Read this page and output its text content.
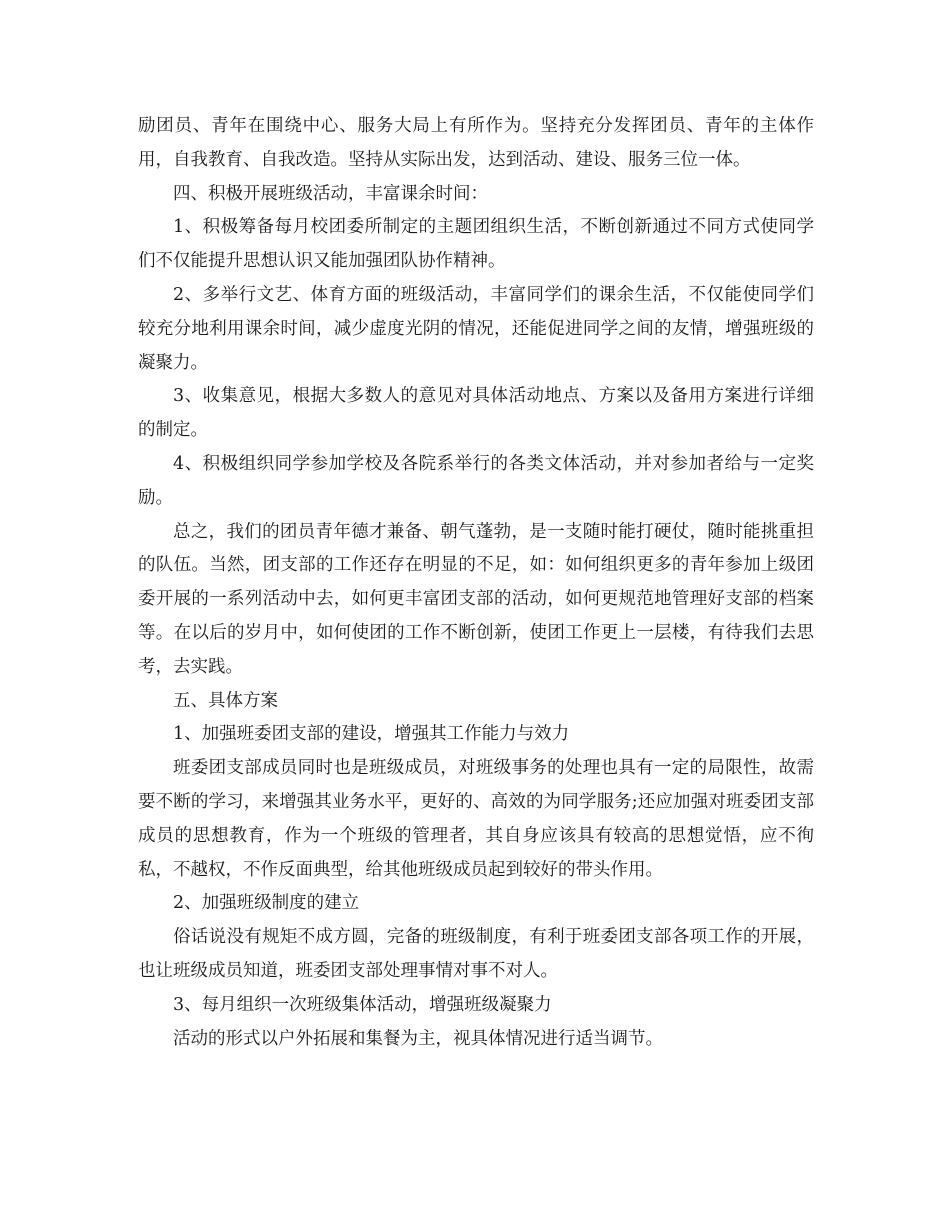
励团员、青年在围绕中心、服务大局上有所作为。坚持充分发挥团员、青年的主体作用，自我教育、自我改造。坚持从实际出发，达到活动、建设、服务三位一体。

四、积极开展班级活动，丰富课余时间：

1、积极筹备每月校团委所制定的主题团组织生活，不断创新通过不同方式使同学们不仅能提升思想认识又能加强团队协作精神。

2、多举行文艺、体育方面的班级活动，丰富同学们的课余生活，不仅能使同学们较充分地利用课余时间，减少虚度光阴的情况，还能促进同学之间的友情，增强班级的凝聚力。

3、收集意见，根据大多数人的意见对具体活动地点、方案以及备用方案进行详细的制定。

4、积极组织同学参加学校及各院系举行的各类文体活动，并对参加者给与一定奖励。

总之，我们的团员青年德才兼备、朝气蓬勃，是一支随时能打硬仗，随时能挑重担的队伍。当然，团支部的工作还存在明显的不足，如：如何组织更多的青年参加上级团委开展的一系列活动中去，如何更丰富团支部的活动，如何更规范地管理好支部的档案等。在以后的岁月中，如何使团的工作不断创新，使团工作更上一层楼，有待我们去思考，去实践。

五、具体方案

1、加强班委团支部的建设，增强其工作能力与效力

班委团支部成员同时也是班级成员，对班级事务的处理也具有一定的局限性，故需要不断的学习，来增强其业务水平，更好的、高效的为同学服务;还应加强对班委团支部成员的思想教育，作为一个班级的管理者，其自身应该具有较高的思想觉悟，应不徇私，不越权，不作反面典型，给其他班级成员起到较好的带头作用。

2、加强班级制度的建立

俗话说没有规矩不成方圆，完备的班级制度，有利于班委团支部各项工作的开展，也让班级成员知道，班委团支部处理事情对事不对人。

3、每月组织一次班级集体活动，增强班级凝聚力

活动的形式以户外拓展和集餐为主，视具体情况进行适当调节。
